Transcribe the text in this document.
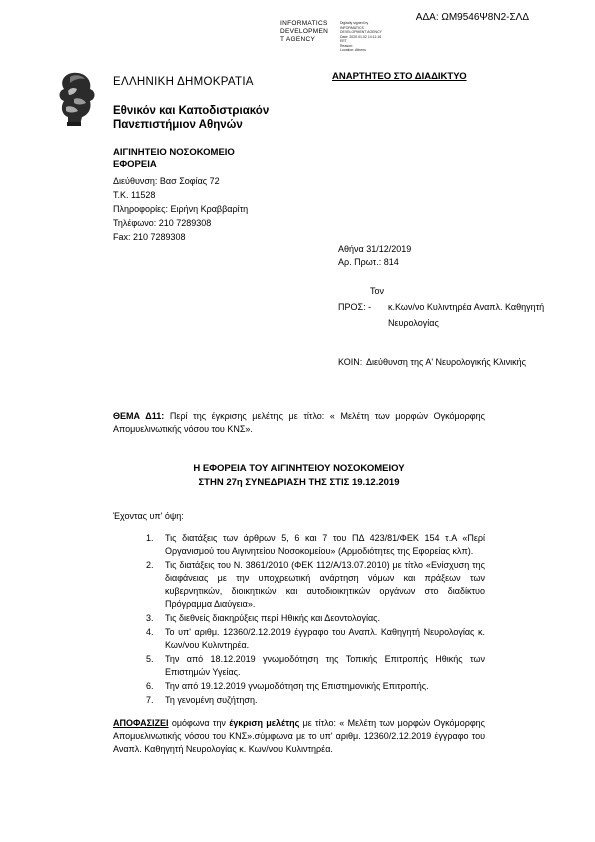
ΑΔΑ: ΩΜ9546Ψ8Ν2-ΣΛΔ
INFORMATICS
DEVELOPMEN
T AGENCY
Digitally signed by
INFORMATICS
DEVELOPMENT AGENCY
Date: 2020.01.02 14:11:16
EET
Reason:
Location: Athens
ΕΛΛΗΝΙΚΗ ΔΗΜΟΚΡΑΤΙΑ
Εθνικόν και Καποδιστριακόν Πανεπιστήμιον Αθηνών
ΑΝΑΡΤΗΤΕΟ ΣΤΟ ΔΙΑΔΙΚΤΥΟ
ΑΙΓΙΝΗΤΕΙΟ ΝΟΣΟΚΟΜΕΙΟ
ΕΦΟΡΕΙΑ
Διεύθυνση: Βασ Σοφίας 72
Τ.Κ. 11528
Πληροφορίες: Ειρήνη Κραββαρίτη
Τηλέφωνο: 210 7289308
Fax: 210 7289308
Αθήνα 31/12/2019
Αρ. Πρωτ.: 814
Τον
ΠΡΟΣ: - κ.Κων/νο Κυλιντηρέα Αναπλ. Καθηγητή Νευρολογίας
ΚΟΙΝ: Διεύθυνση της Α' Νευρολογικής Κλινικής
ΘΕΜΑ Δ11: Περί της έγκρισης μελέτης με τίτλο: « Μελέτη των μορφών Ογκόμορφης Απομυελινωτικής νόσου του ΚΝΣ».
Η ΕΦΟΡΕΙΑ ΤΟΥ ΑΙΓΙΝΗΤΕΙΟΥ ΝΟΣΟΚΟΜΕΙΟΥ
ΣΤΗΝ 27η ΣΥΝΕΔΡΙΑΣΗ ΤΗΣ ΣΤΙΣ 19.12.2019
Έχοντας υπ' όψη:
1. Τις διατάξεις των άρθρων 5, 6 και 7 του ΠΔ 423/81/ΦΕΚ 154 τ.Α «Περί Οργανισμού του Αιγινητείου Νοσοκομείου» (Αρμοδιότητες της Εφορείας κλπ).
2. Τις διατάξεις του Ν. 3861/2010 (ΦΕΚ 112/Α/13.07.2010) με τίτλο «Ενίσχυση της διαφάνειας με την υποχρεωτική ανάρτηση νόμων και πράξεων των κυβερνητικών, διοικητικών και αυτοδιοικητικών οργάνων στο διαδίκτυο Πρόγραμμα Διαύγεια».
3. Τις διεθνείς διακηρύξεις περί Ηθικής και Δεοντολογίας.
4. Το υπ' αριθμ. 12360/2.12.2019 έγγραφο του Αναπλ. Καθηγητή Νευρολογίας κ. Κων/νου Κυλιντηρέα.
5. Την από 18.12.2019 γνωμοδότηση της Τοπικής Επιτροπής Ηθικής των Επιστημών Υγείας.
6. Την από 19.12.2019 γνωμοδότηση της Επιστημονικής Επιτροπής.
7. Τη γενομένη συζήτηση.
ΑΠΟΦΑΣΙΖΕΙ ομόφωνα την έγκριση μελέτης με τίτλο: « Μελέτη των μορφών Ογκόμορφης Απομυελινωτικής νόσου του ΚΝΣ».σύμφωνα με το υπ' αριθμ. 12360/2.12.2019 έγγραφο του Αναπλ. Καθηγητή Νευρολογίας κ. Κων/νου Κυλιντηρέα.
